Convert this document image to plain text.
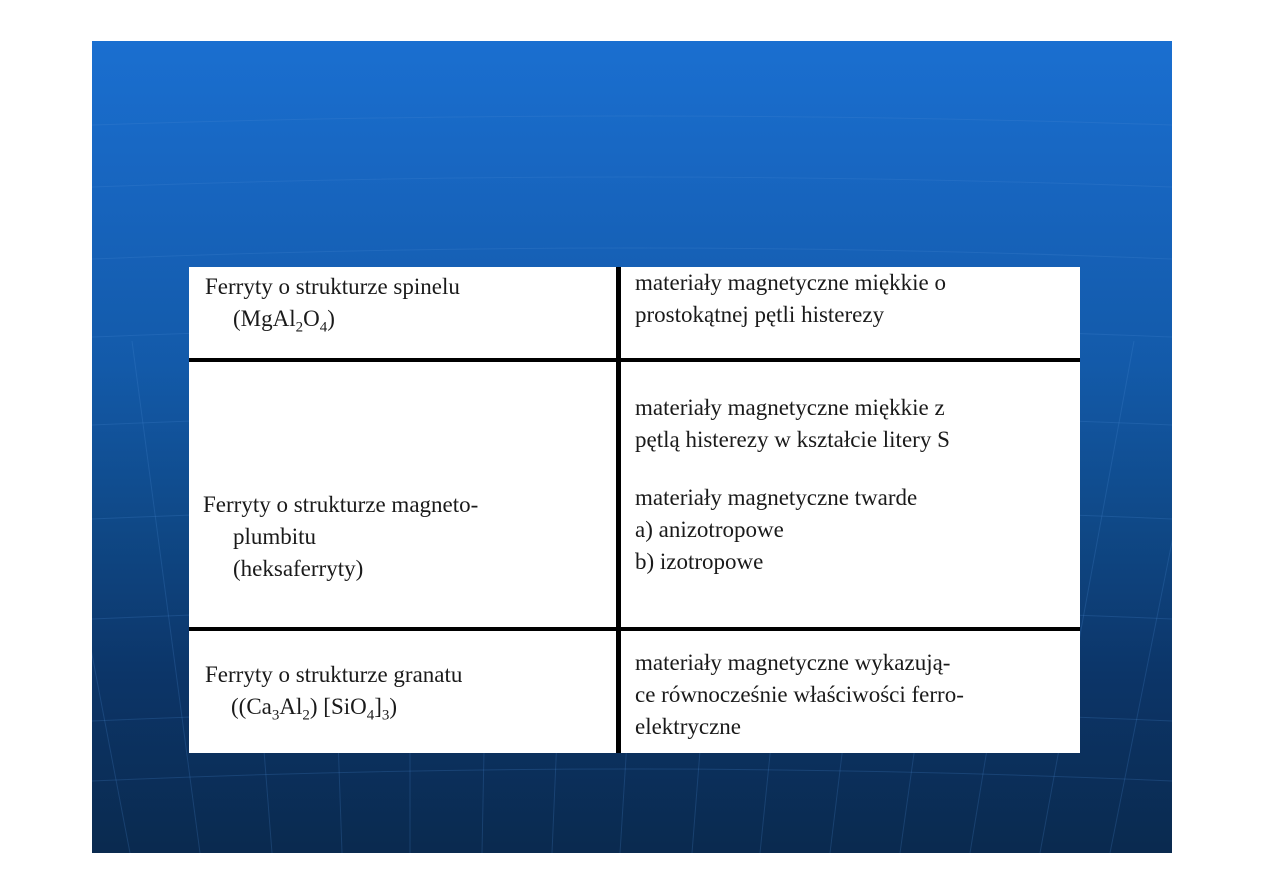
Ferryty o strukturze spinelu
$(MgAl_2O_4)$
materiały magnetyczne miękkie o
prostokątnej pętli histerezy
Ferryty o strukturze magneto-
plumbitu
(heksaferryty)
materiały magnetyczne miękkie z
pętlą histerezy w kształcie litery S
materiały magnetyczne twarde
a) anizotropowe
b) izotropowe
Ferryty o strukturze granatu
($(Ca_3Al_2)$ $[SiO_4]_3$)
materiały magnetyczne wykazują-
ce równocześnie właściwości ferro-
elektryczne
